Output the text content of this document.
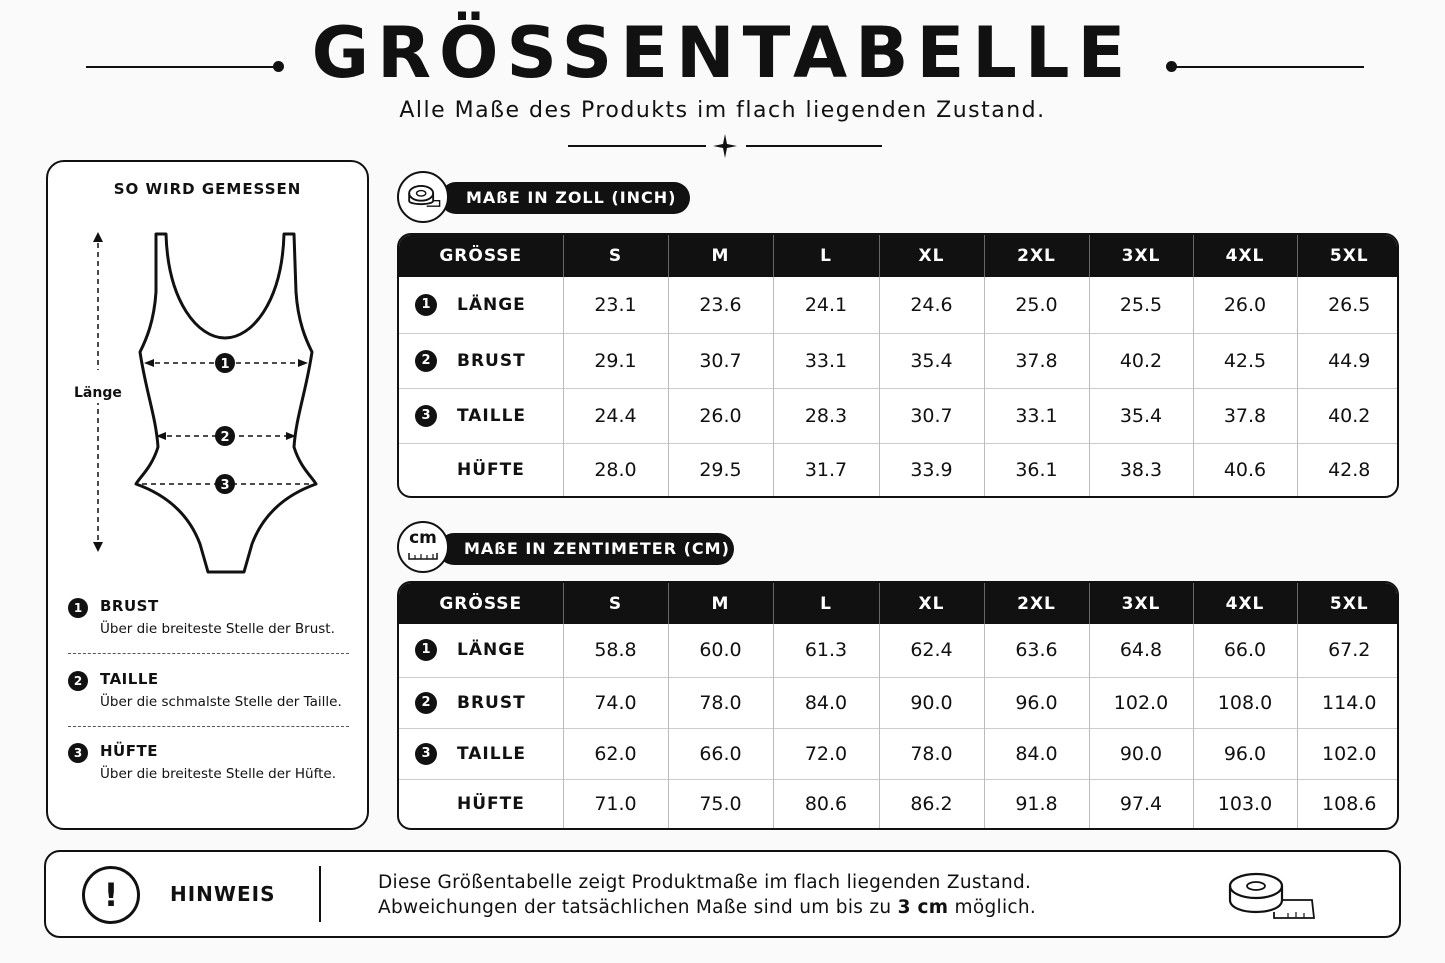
GRÖSSENTABELLE
Alle Maße des Produkts im flach liegenden Zustand.
SO WIRD GEMESSEN
1
2
3
Länge
1	BRUST
Über die breiteste Stelle der Brust.
2	TAILLE
Über die schmalste Stelle der Taille.
3	HÜFTE
Über die breiteste Stelle der Hüfte.
MAßE IN ZOLL (INCH)
GRÖSSE	S	M	L	XL	2XL	3XL	4XL	5XL

1 LÄNGE	23.1	23.6	24.1	24.6	25.0	25.5	26.0	26.5

2 BRUST	29.1	30.7	33.1	35.4	37.8	40.2	42.5	44.9

3 TAILLE	24.4	26.0	28.3	30.7	33.1	35.4	37.8	40.2
HÜFTE	28.0	29.5	31.7	33.9	36.1	38.3	40.6	42.8
MAßE IN ZENTIMETER (CM)
cm
GRÖSSE	S	M	L	XL	2XL	3XL	4XL	5XL

1 LÄNGE	58.8	60.0	61.3	62.4	63.6	64.8	66.0	67.2

2 BRUST	74.0	78.0	84.0	90.0	96.0	102.0	108.0	114.0

3 TAILLE	62.0	66.0	72.0	78.0	84.0	90.0	96.0	102.0
HÜFTE	71.0	75.0	80.6	86.2	91.8	97.4	103.0	108.6
!	HINWEIS	Diese Größentabelle zeigt Produktmaße im flach liegenden Zustand.
Abweichungen der tatsächlichen Maße sind um bis zu 3 cm möglich.
